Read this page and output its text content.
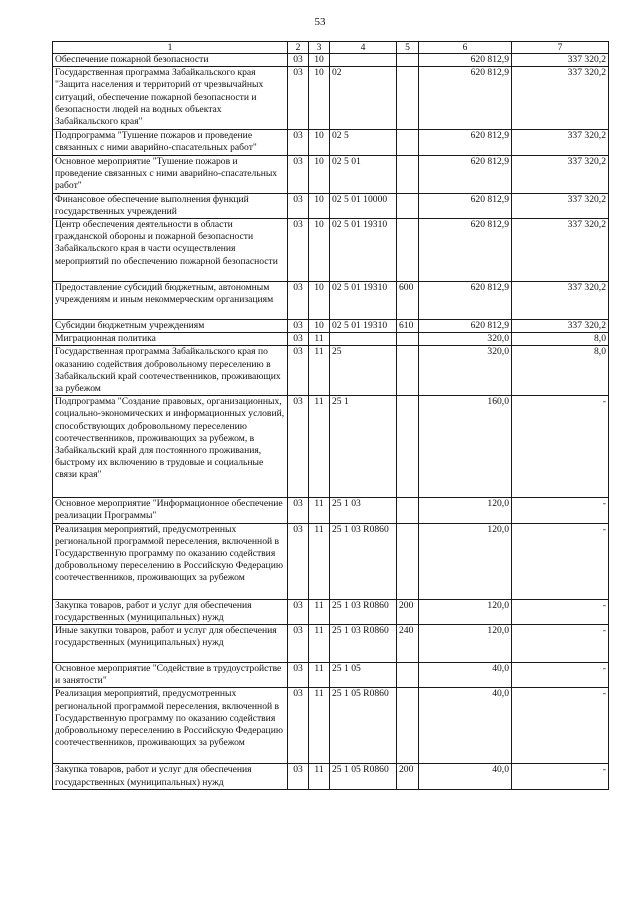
53
1	2	3	4	5	6	7
Обеспечение пожарной безопасности	03	10			620 812,9	337 320,2
Государственная программа Забайкальского края "Защита населения и территорий от чрезвычайных ситуаций, обеспечение пожарной безопасности и безопасности людей на водных объектах Забайкальского края"	03	10	02		620 812,9	337 320,2
Подпрограмма "Тушение пожаров и проведение связанных с ними аварийно-спасательных работ"	03	10	02 5		620 812,9	337 320,2
Основное мероприятие "Тушение пожаров и проведение связанных с ними аварийно-спасательных работ"	03	10	02 5 01		620 812,9	337 320,2
Финансовое обеспечение выполнения функций государственных учреждений	03	10	02 5 01 10000		620 812,9	337 320,2
Центр обеспечения деятельности в области гражданской обороны и пожарной безопасности Забайкальского края в части осуществления мероприятий по обеспечению пожарной безопасности	03	10	02 5 01 19310		620 812,9	337 320,2
Предоставление субсидий бюджетным, автономным учреждениям и иным некоммерческим организациям	03	10	02 5 01 19310	600	620 812,9	337 320,2
Субсидии бюджетным учреждениям	03	10	02 5 01 19310	610	620 812,9	337 320,2
Миграционная политика	03	11			320,0	8,0
Государственная программа Забайкальского края по оказанию содействия добровольному переселению в Забайкальский край соотечественников, проживающих за рубежом	03	11	25		320,0	8,0
Подпрограмма "Создание правовых, организационных, социально-экономических и информационных условий, способствующих добровольному переселению соотечественников, проживающих за рубежом, в Забайкальский край для постоянного проживания, быстрому их включению в трудовые и социальные связи края"	03	11	25 1		160,0	-
Основное мероприятие "Информационное обеспечение реализации Программы"	03	11	25 1 03		120,0	-
Реализация мероприятий, предусмотренных региональной программой переселения, включенной в Государственную программу по оказанию содействия добровольному переселению в Российскую Федерацию соотечественников, проживающих за рубежом	03	11	25 1 03 R0860		120,0	-
Закупка товаров, работ и услуг для обеспечения государственных (муниципальных) нужд	03	11	25 1 03 R0860	200	120,0	-
Иные закупки товаров, работ и услуг для обеспечения государственных (муниципальных) нужд	03	11	25 1 03 R0860	240	120,0	-
Основное мероприятие "Содействие в трудоустройстве и занятости"	03	11	25 1 05		40,0	-
Реализация мероприятий, предусмотренных региональной программой переселения, включенной в Государственную программу по оказанию содействия добровольному переселению в Российскую Федерацию соотечественников, проживающих за рубежом	03	11	25 1 05 R0860		40,0	-
Закупка товаров, работ и услуг для обеспечения государственных (муниципальных) нужд	03	11	25 1 05 R0860	200	40,0	-
